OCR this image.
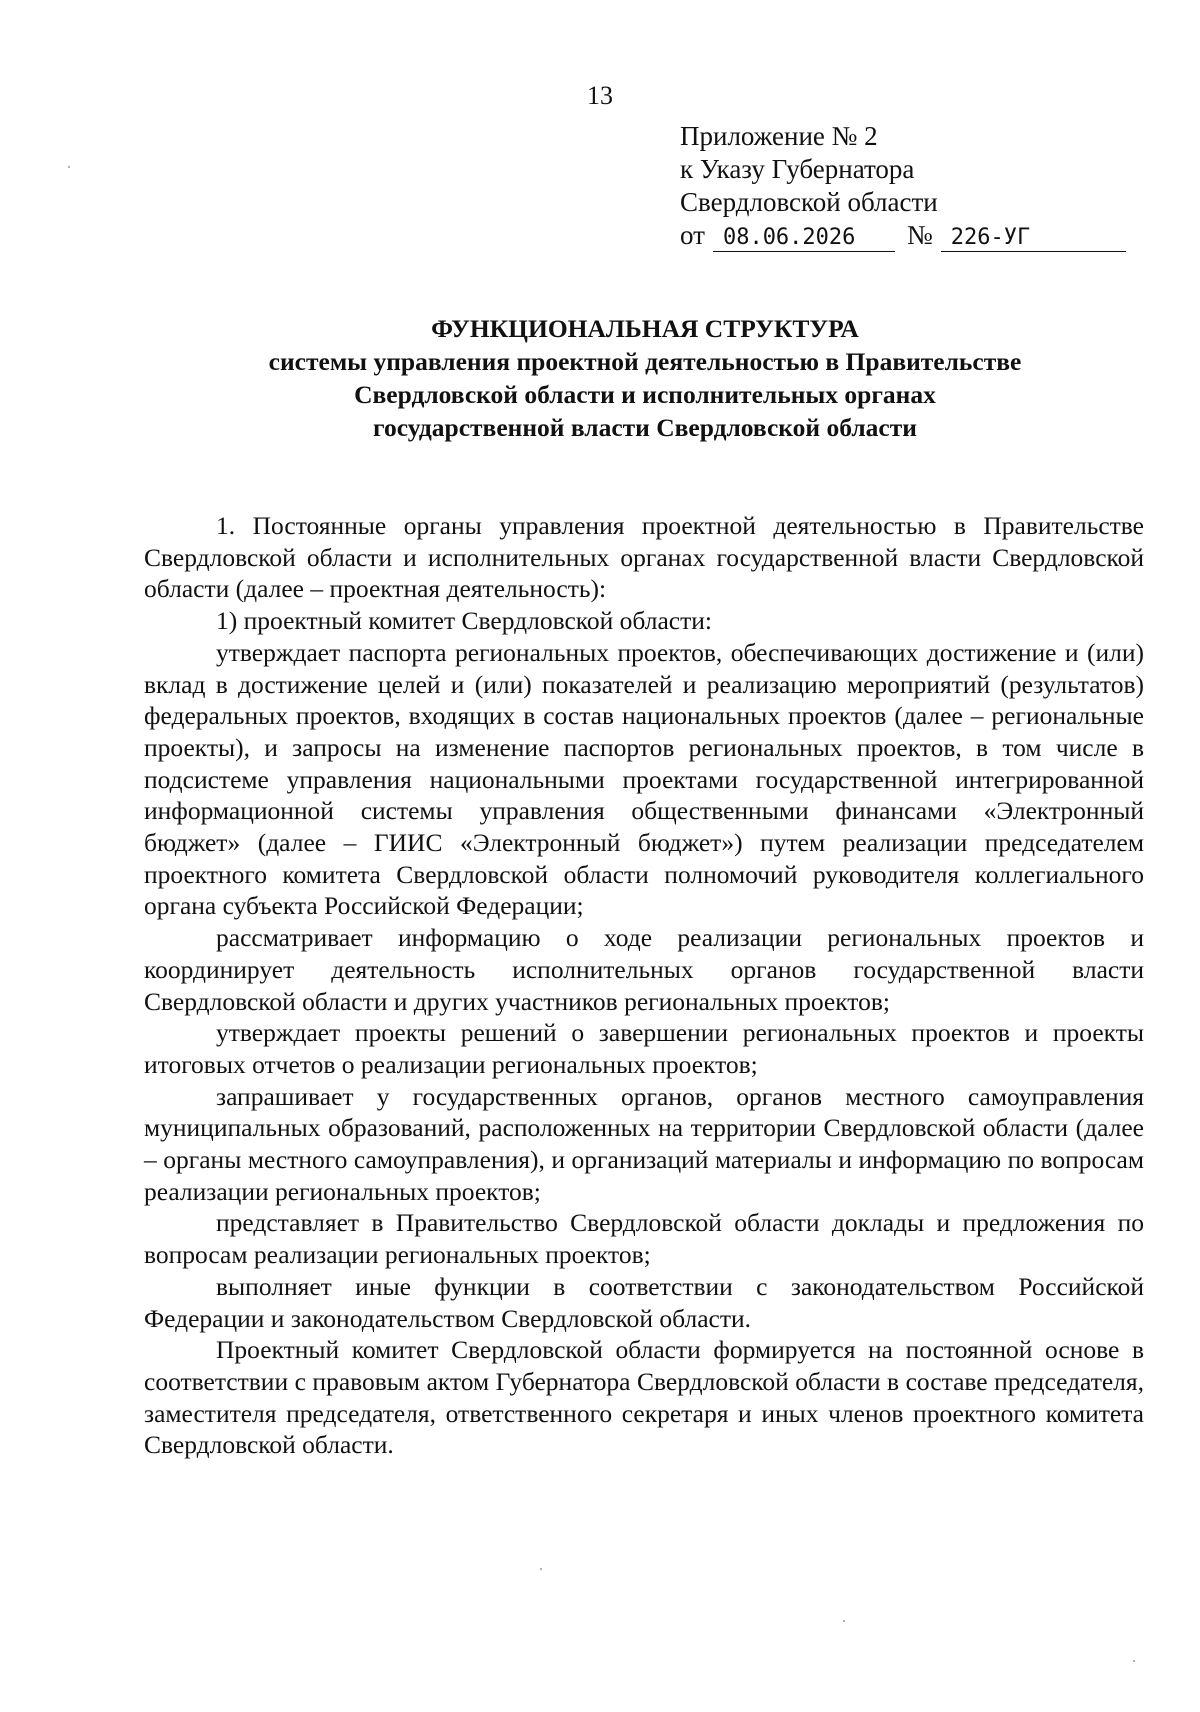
13
Приложение № 2
к Указу Губернатора
Свердловской области
от 08.06.2026	№ 226-УГ
ФУНКЦИОНАЛЬНАЯ СТРУКТУРА
системы управления проектной деятельностью в Правительстве
Свердловской области и исполнительных органах
государственной власти Свердловской области

1. Постоянные органы управления проектной деятельностью в Правительстве Свердловской области и исполнительных органах государственной власти Свердловской области (далее – проектная деятельность):

1) проектный комитет Свердловской области:

утверждает паспорта региональных проектов, обеспечивающих достижение и (или) вклад в достижение целей и (или) показателей и реализацию мероприятий (результатов) федеральных проектов, входящих в состав национальных проектов (далее – региональные проекты), и запросы на изменение паспортов региональных проектов, в том числе в подсистеме управления национальными проектами государственной интегрированной информационной системы управления общественными финансами «Электронный бюджет» (далее – ГИИС «Электронный бюджет») путем реализации председателем проектного комитета Свердловской области полномочий руководителя коллегиального органа субъекта Российской Федерации;

рассматривает информацию о ходе реализации региональных проектов и координирует деятельность исполнительных органов государственной власти Свердловской области и других участников региональных проектов;

утверждает проекты решений о завершении региональных проектов и проекты итоговых отчетов о реализации региональных проектов;

запрашивает у государственных органов, органов местного самоуправления муниципальных образований, расположенных на территории Свердловской области (далее – органы местного самоуправления), и организаций материалы и информацию по вопросам реализации региональных проектов;

представляет в Правительство Свердловской области доклады и предложения по вопросам реализации региональных проектов;

выполняет иные функции в соответствии с законодательством Российской Федерации и законодательством Свердловской области.

Проектный комитет Свердловской области формируется на постоянной основе в соответствии с правовым актом Губернатора Свердловской области в составе председателя, заместителя председателя, ответственного секретаря и иных членов проектного комитета Свердловской области.
